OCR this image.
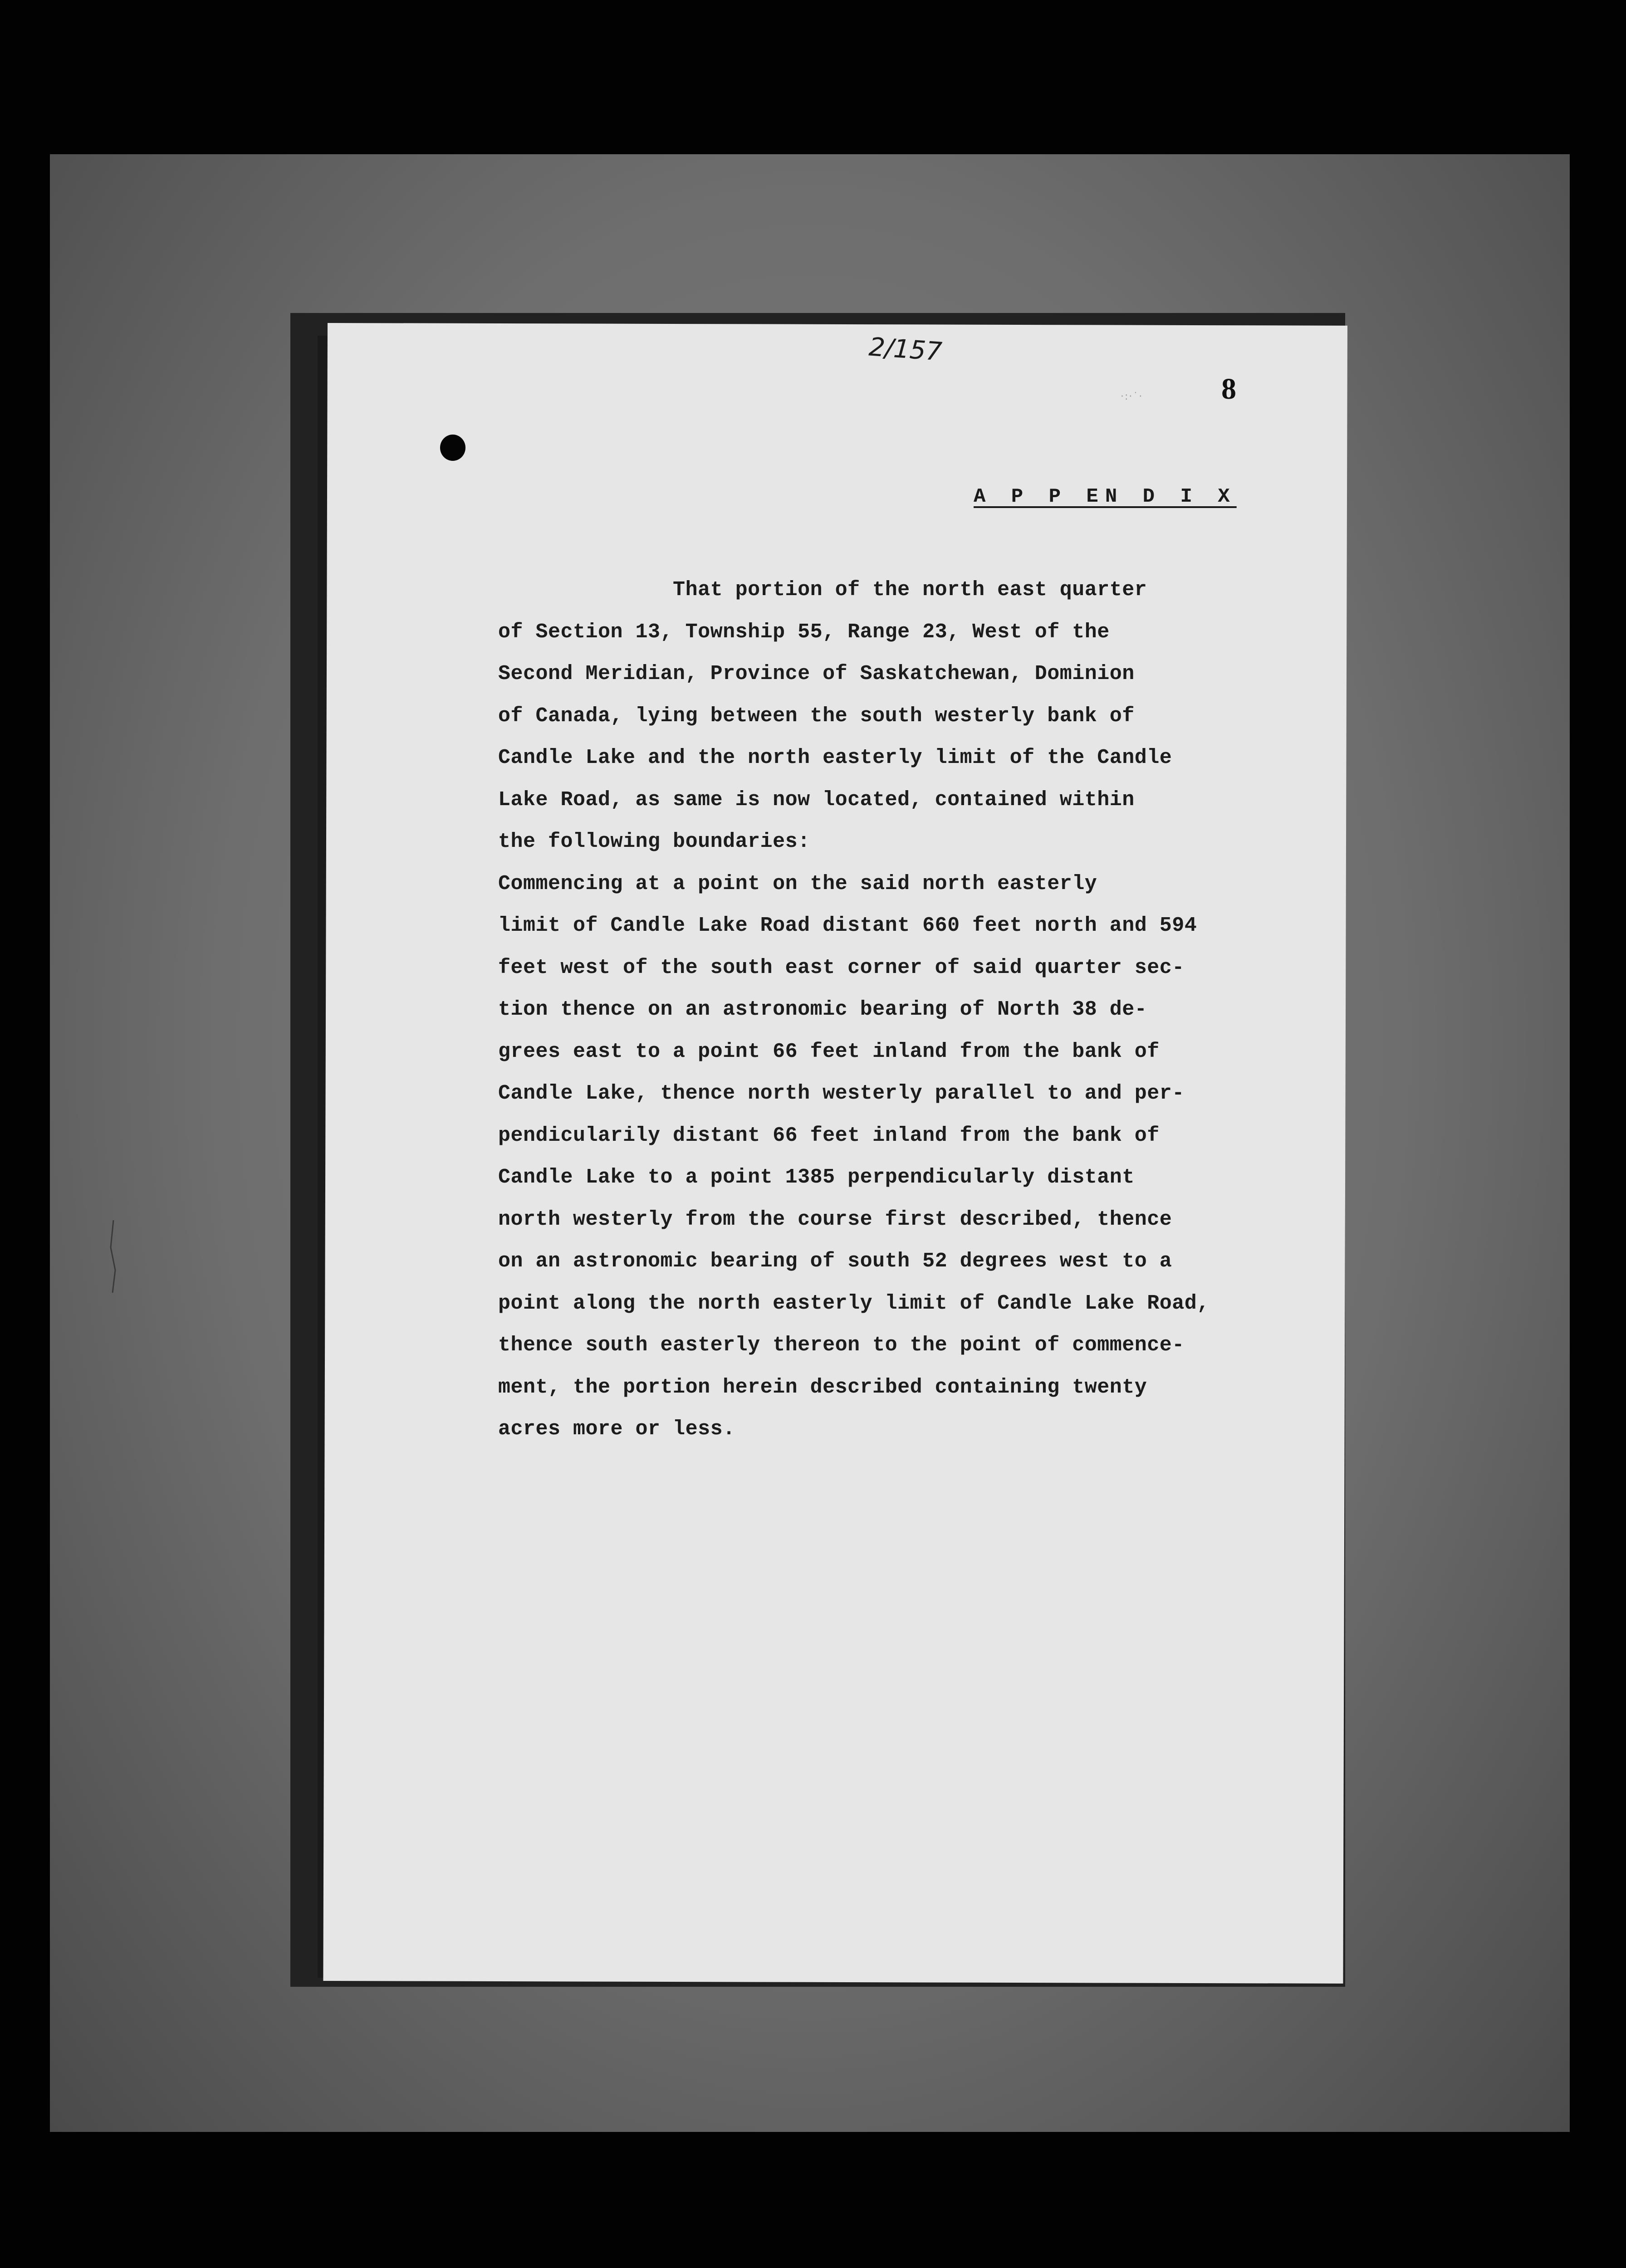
2/157
·:·˙·	8
A P P EN D I X
That portion of the north east quarter
of Section 13, Township 55, Range 23, West of the
Second Meridian, Province of Saskatchewan, Dominion
of Canada, lying between the south westerly bank of
Candle Lake and the north easterly limit of the Candle
Lake Road, as same is now located, contained within
the following boundaries:
Commencing at a point on the said north easterly
limit of Candle Lake Road distant 660 feet north and 594
feet west of the south east corner of said quarter sec-
tion thence on an astronomic bearing of North 38 de-
grees east to a point 66 feet inland from the bank of
Candle Lake, thence north westerly parallel to and per-
pendicularily distant 66 feet inland from the bank of
Candle Lake to a point 1385 perpendicularly distant
north westerly from the course first described, thence
on an astronomic bearing of south 52 degrees west to a
point along the north easterly limit of Candle Lake Road,
thence south easterly thereon to the point of commence-
ment, the portion herein described containing twenty
acres more or less.
